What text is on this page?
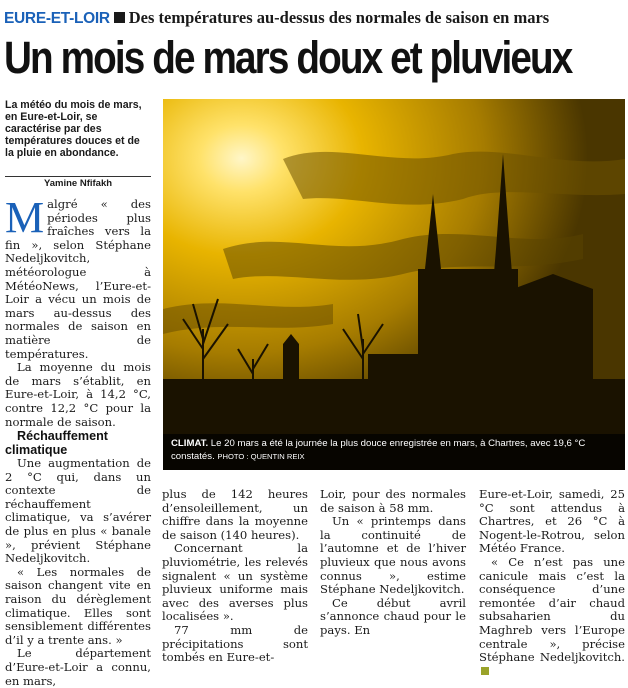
EURE-ET-LOIR Des températures au-dessus des normales de saison en mars
Un mois de mars doux et pluvieux
La météo du mois de mars, en Eure-et-Loir, se caractérise par des températures douces et de la pluie en abondance.
Yamine Nfifakh

Malgré « des périodes plus fraîches vers la fin », selon Stéphane Nedeljkovitch, météorologue à MétéoNews, l’Eure-et-Loir a vécu un mois de mars au-dessus des normales de saison en matière de températures.

La moyenne du mois de mars s’établit, en Eure-et-Loir, à 14,2 °C, contre 12,2 °C pour la normale de saison.

Réchauffement climatique

Une augmentation de 2 °C qui, dans un contexte de réchauffement climatique, va s’avérer de plus en plus « banale », prévient Stéphane Nedeljkovitch.

« Les normales de saison changent vite en raison du dérèglement climatique. Elles sont sensiblement différentes d’il y a trente ans. »

Le département d’Eure-et-Loir a connu, en mars,

CLIMAT. Le 20 mars a été la journée la plus douce enregistrée en mars, à Chartres, avec 19,6 °C constatés. PHOTO : QUENTIN REIX

plus de 142 heures d’ensoleillement, un chiffre dans la moyenne de saison (140 heures).

Concernant la pluviométrie, les relevés signalent « un système pluvieux uniforme mais avec des averses plus localisées ».

77 mm de précipitations sont tombés en Eure-et-

Loir, pour des normales de saison à 58 mm.

Un « printemps dans la continuité de l’automne et de l’hiver pluvieux que nous avons connus », estime Stéphane Nedeljkovitch.

Ce début avril s’annonce chaud pour le pays. En

Eure-et-Loir, samedi, 25 °C sont attendus à Chartres, et 26 °C à Nogent-le-Rotrou, selon Météo France.

« Ce n’est pas une canicule mais c’est la conséquence d’une remontée d’air chaud subsaharien du Maghreb vers l’Europe centrale », précise Stéphane Nedeljkovitch.
